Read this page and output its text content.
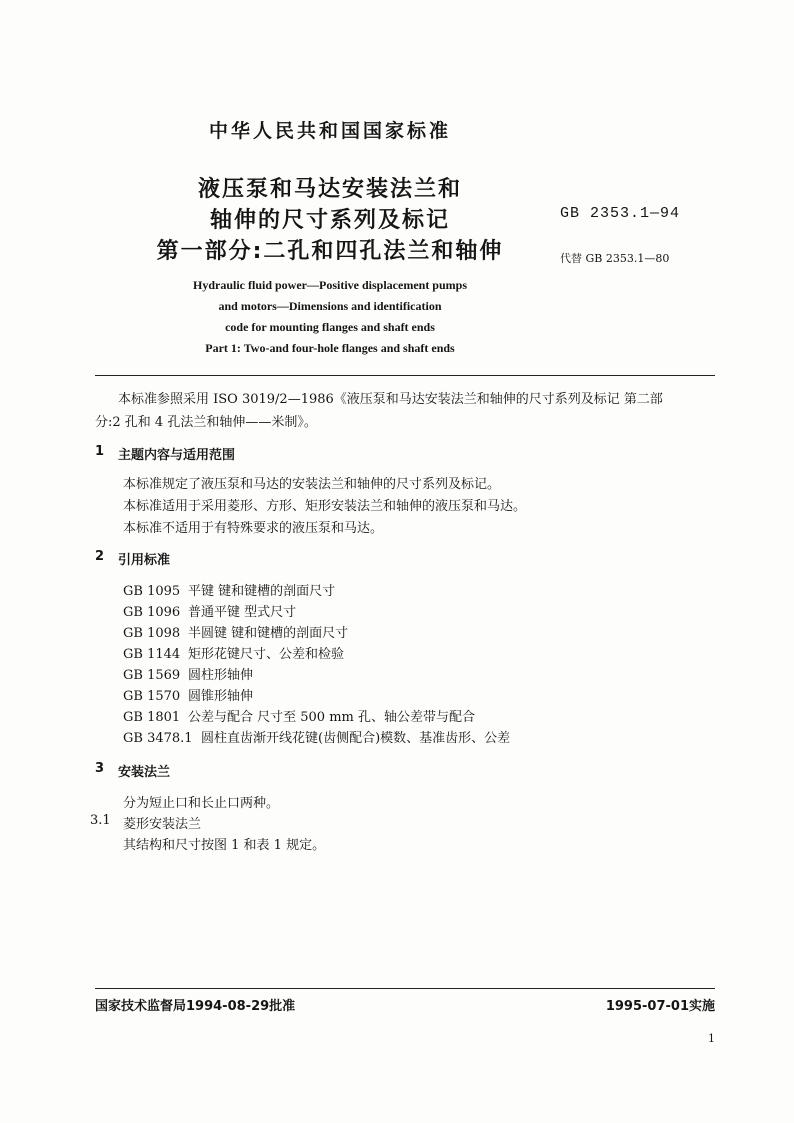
中华人民共和国国家标准
液压泵和马达安装法兰和
轴伸的尺寸系列及标记
第一部分:二孔和四孔法兰和轴伸
GB 2353.1—94
代替 GB 2353.1—80
Hydraulic fluid power—Positive displacement pumps
and motors—Dimensions and identification
code for mounting flanges and shaft ends
Part 1: Two-and four-hole flanges and shaft ends
本标准参照采用 ISO 3019/2—1986《液压泵和马达安装法兰和轴伸的尺寸系列及标记 第二部
分:2 孔和 4 孔法兰和轴伸——米制》。
1 主题内容与适用范围
本标准规定了液压泵和马达的安装法兰和轴伸的尺寸系列及标记。
本标准适用于采用菱形、方形、矩形安装法兰和轴伸的液压泵和马达。
本标准不适用于有特殊要求的液压泵和马达。
2 引用标准
GB 1095 平键 键和键槽的剖面尺寸
GB 1096 普通平键 型式尺寸
GB 1098 半圆键 键和键槽的剖面尺寸
GB 1144 矩形花键尺寸、公差和检验
GB 1569 圆柱形轴伸
GB 1570 圆锥形轴伸
GB 1801 公差与配合 尺寸至 500 mm 孔、轴公差带与配合
GB 3478.1 圆柱直齿渐开线花键(齿侧配合)模数、基准齿形、公差
3 安装法兰
分为短止口和长止口两种。
3.1 菱形安装法兰
其结构和尺寸按图 1 和表 1 规定。
国家技术监督局1994-08-29批准	1995-07-01实施
1
